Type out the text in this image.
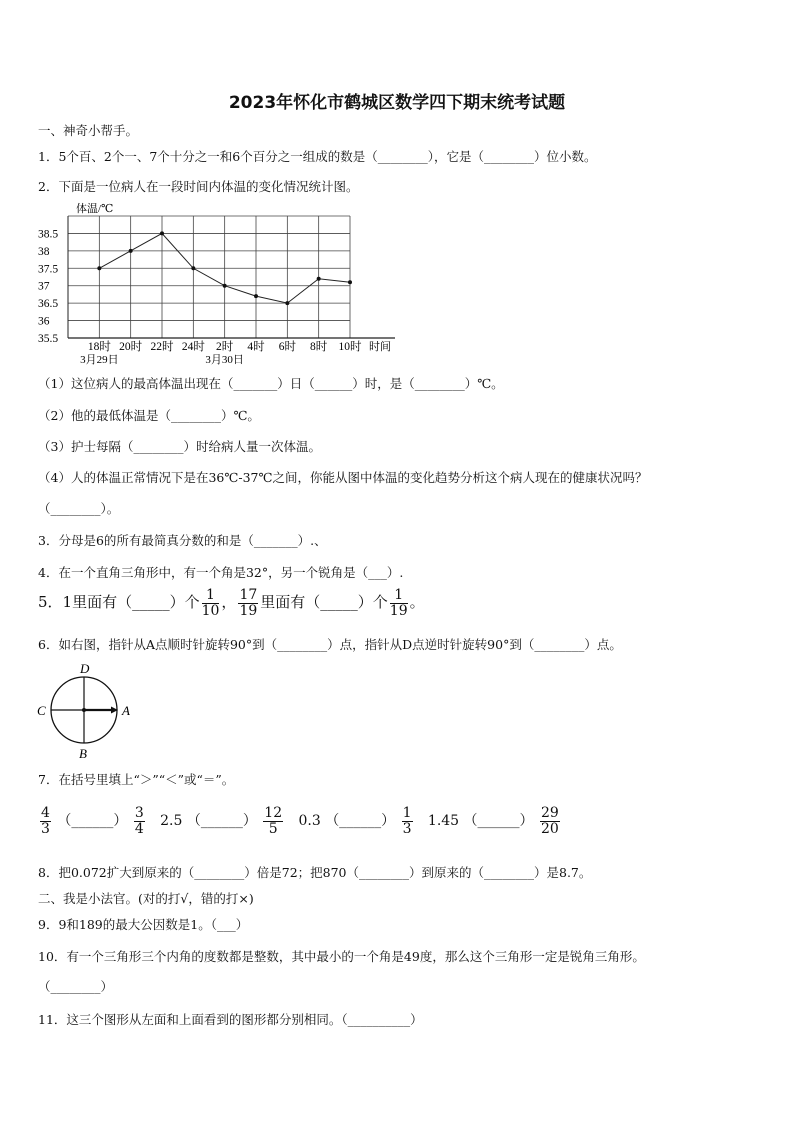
2023年怀化市鹤城区数学四下期末统考试题
一、神奇小帮手。
1．5个百、2个一、7个十分之一和6个百分之一组成的数是（________），它是（________）位小数。
2．下面是一位病人在一段时间内体温的变化情况统计图。
35.5
36
36.5
37
37.5
38
38.5
体温/℃
18时 20时 22时 24时 2时 4时 6时 8时 10时 时间
3月29日	3月30日
（1）这位病人的最高体温出现在（_______）日（______）时，是（________）℃。
（2）他的最低体温是（________）℃。
（3）护士每隔（________）时给病人量一次体温。
（4）人的体温正常情况下是在36℃-37℃之间，你能从图中体温的变化趋势分析这个病人现在的健康状况吗？
（________）。
3．分母是6的所有最简真分数的和是（_______）.、
4．在一个直角三角形中，有一个角是32°，另一个锐角是（___）.
5．1里面有（_____）个 $\frac{1}{10}$ ， $\frac{17}{19}$ 里面有（_____）个 $\frac{1}{19}$ 。
6．如右图，指针从A点顺时针旋转90°到（________）点，指针从D点逆时针旋转90°到（________）点。
D
C	A
B
7．在括号里填上“＞”“＜”或“＝”。
$\frac{4}{3}$ （______） $\frac{3}{4} 2.5$ （______） $\frac{12}{5} 0.3$ （______） $\frac{1}{3} 1.45$ （______） $\frac{29}{20}$
8．把0.072扩大到原来的（________）倍是72；把870（________）到原来的（________）是8.7。
二、我是小法官。(对的打√，错的打×)
9．9和189的最大公因数是1。（___）
10．有一个三角形三个内角的度数都是整数，其中最小的一个角是49度，那么这个三角形一定是锐角三角形。
（________）
11．这三个图形从左面和上面看到的图形都分别相同。（__________）
